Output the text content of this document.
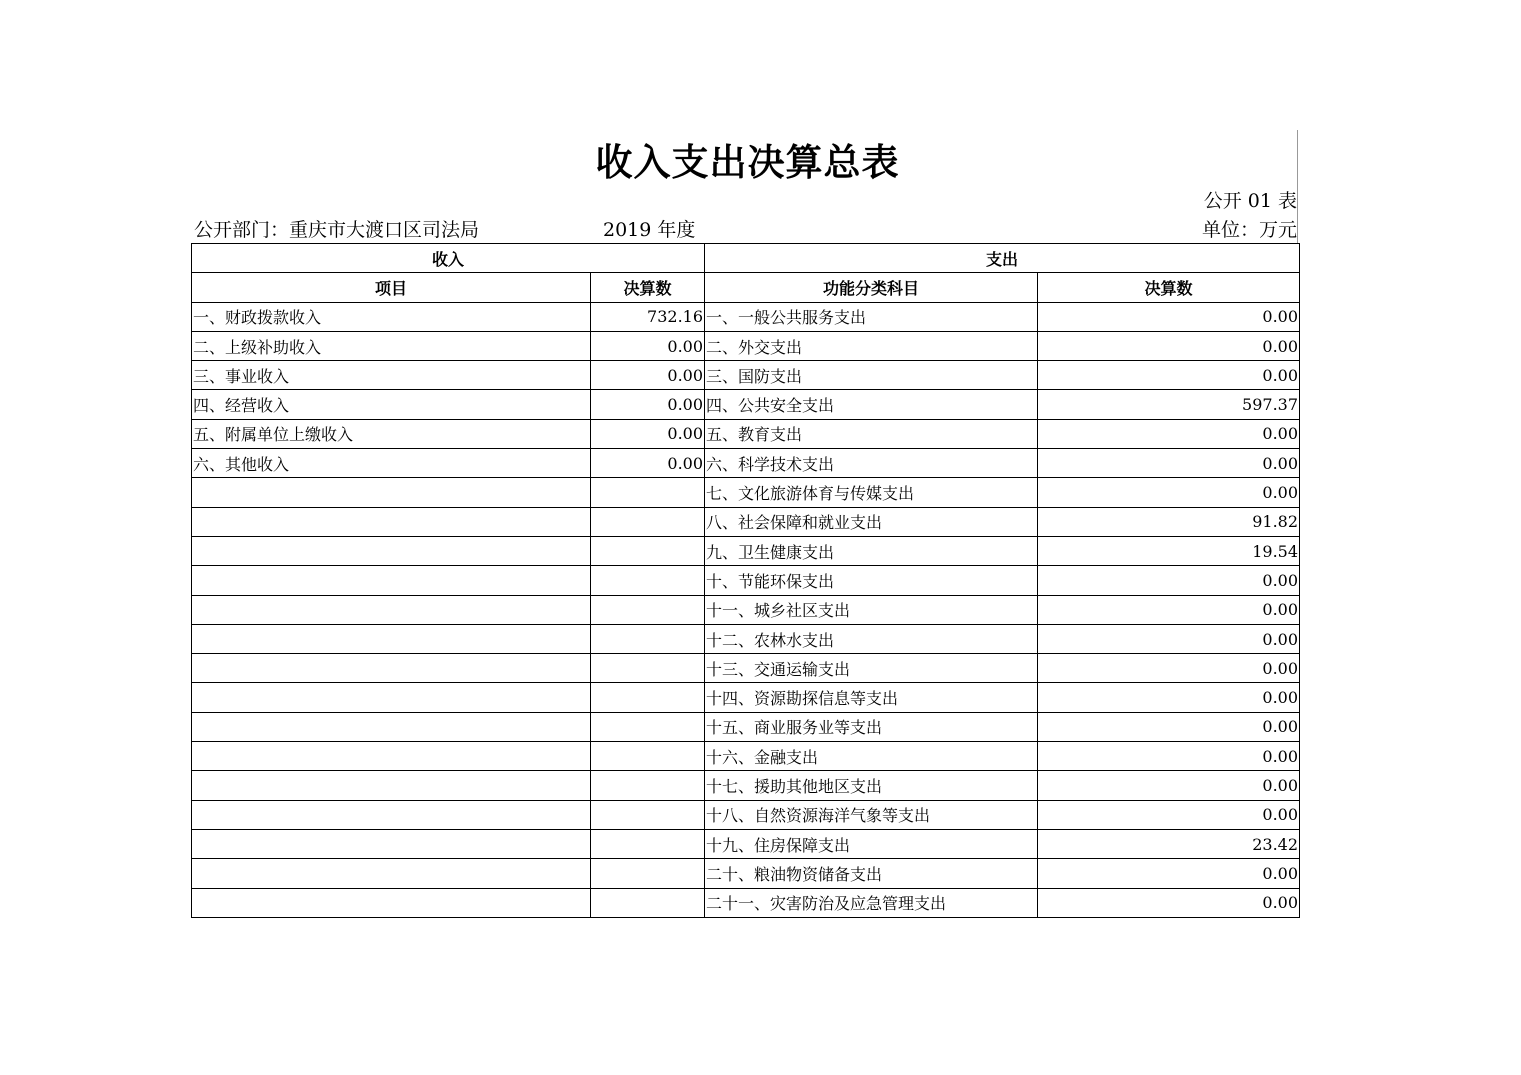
收入支出决算总表
公开 01 表
公开部门：重庆市大渡口区司法局	2019 年度	单位：万元
收入		支出	
项目	决算数	功能分类科目	决算数
一、财政拨款收入	732.16	一、一般公共服务支出	0.00
二、上级补助收入	0.00	二、外交支出	0.00
三、事业收入	0.00	三、国防支出	0.00
四、经营收入	0.00	四、公共安全支出	597.37
五、附属单位上缴收入	0.00	五、教育支出	0.00
六、其他收入	0.00	六、科学技术支出	0.00
		七、文化旅游体育与传媒支出	0.00
		八、社会保障和就业支出	91.82
		九、卫生健康支出	19.54
		十、节能环保支出	0.00
		十一、城乡社区支出	0.00
		十二、农林水支出	0.00
		十三、交通运输支出	0.00
		十四、资源勘探信息等支出	0.00
		十五、商业服务业等支出	0.00
		十六、金融支出	0.00
		十七、援助其他地区支出	0.00
		十八、自然资源海洋气象等支出	0.00
		十九、住房保障支出	23.42
		二十、粮油物资储备支出	0.00
		二十一、灾害防治及应急管理支出	0.00
